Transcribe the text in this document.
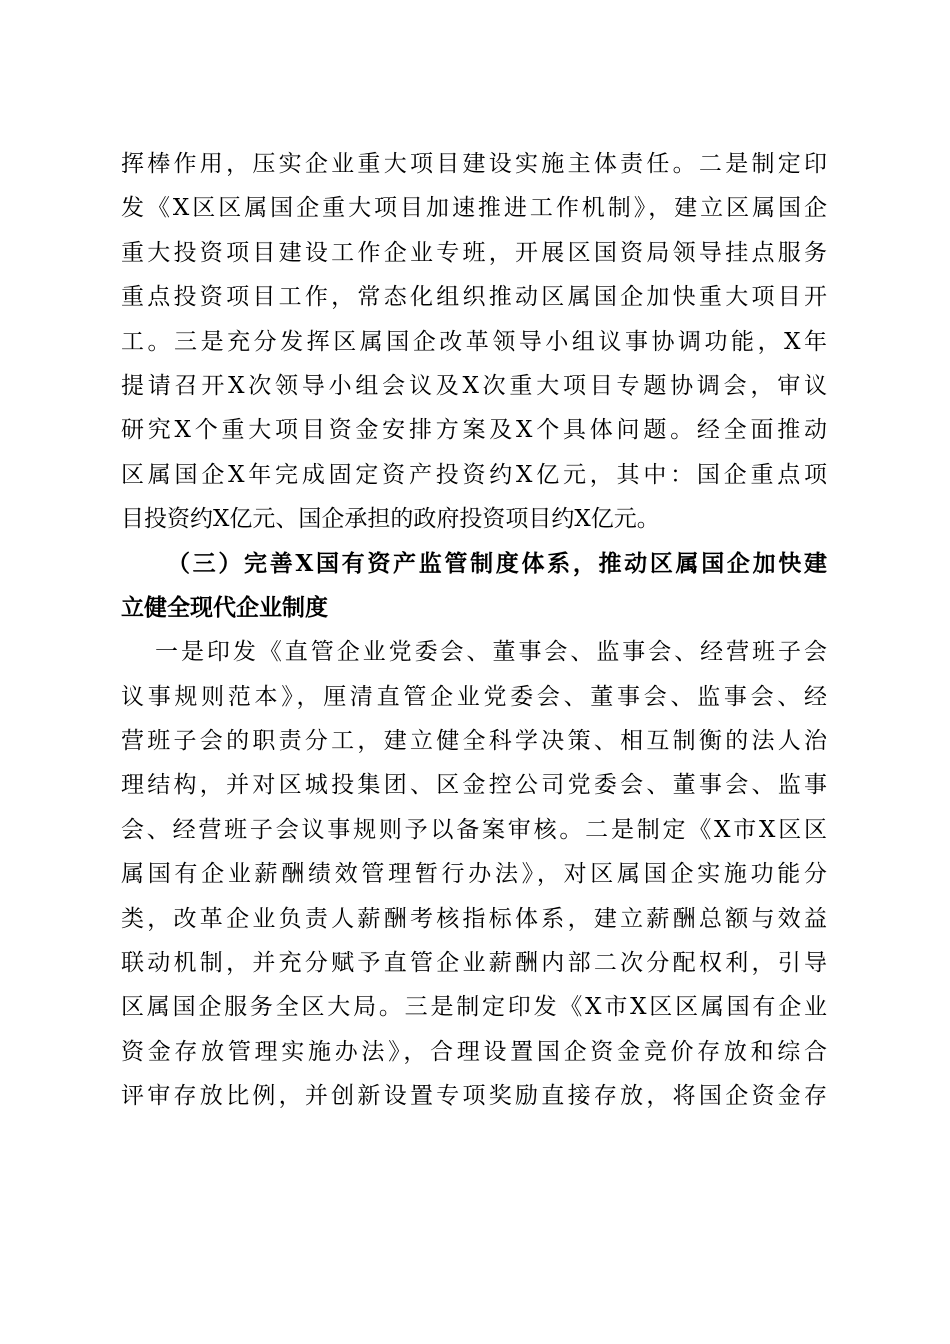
挥棒作用，压实企业重大项目建设实施主体责任。二是制定印
发《X区区属国企重大项目加速推进工作机制》，建立区属国企
重大投资项目建设工作企业专班，开展区国资局领导挂点服务
重点投资项目工作，常态化组织推动区属国企加快重大项目开
工。三是充分发挥区属国企改革领导小组议事协调功能，X年
提请召开X次领导小组会议及X次重大项目专题协调会，审议
研究X个重大项目资金安排方案及X个具体问题。经全面推动
区属国企X年完成固定资产投资约X亿元，其中：国企重点项
目投资约X亿元、国企承担的政府投资项目约X亿元。
（三）完善X国有资产监管制度体系，推动区属国企加快建
立健全现代企业制度
一是印发《直管企业党委会、董事会、监事会、经营班子会
议事规则范本》，厘清直管企业党委会、董事会、监事会、经
营班子会的职责分工，建立健全科学决策、相互制衡的法人治
理结构，并对区城投集团、区金控公司党委会、董事会、监事
会、经营班子会议事规则予以备案审核。二是制定《X市X区区
属国有企业薪酬绩效管理暂行办法》，对区属国企实施功能分
类，改革企业负责人薪酬考核指标体系，建立薪酬总额与效益
联动机制，并充分赋予直管企业薪酬内部二次分配权利，引导
区属国企服务全区大局。三是制定印发《X市X区区属国有企业
资金存放管理实施办法》，合理设置国企资金竞价存放和综合
评审存放比例，并创新设置专项奖励直接存放，将国企资金存
